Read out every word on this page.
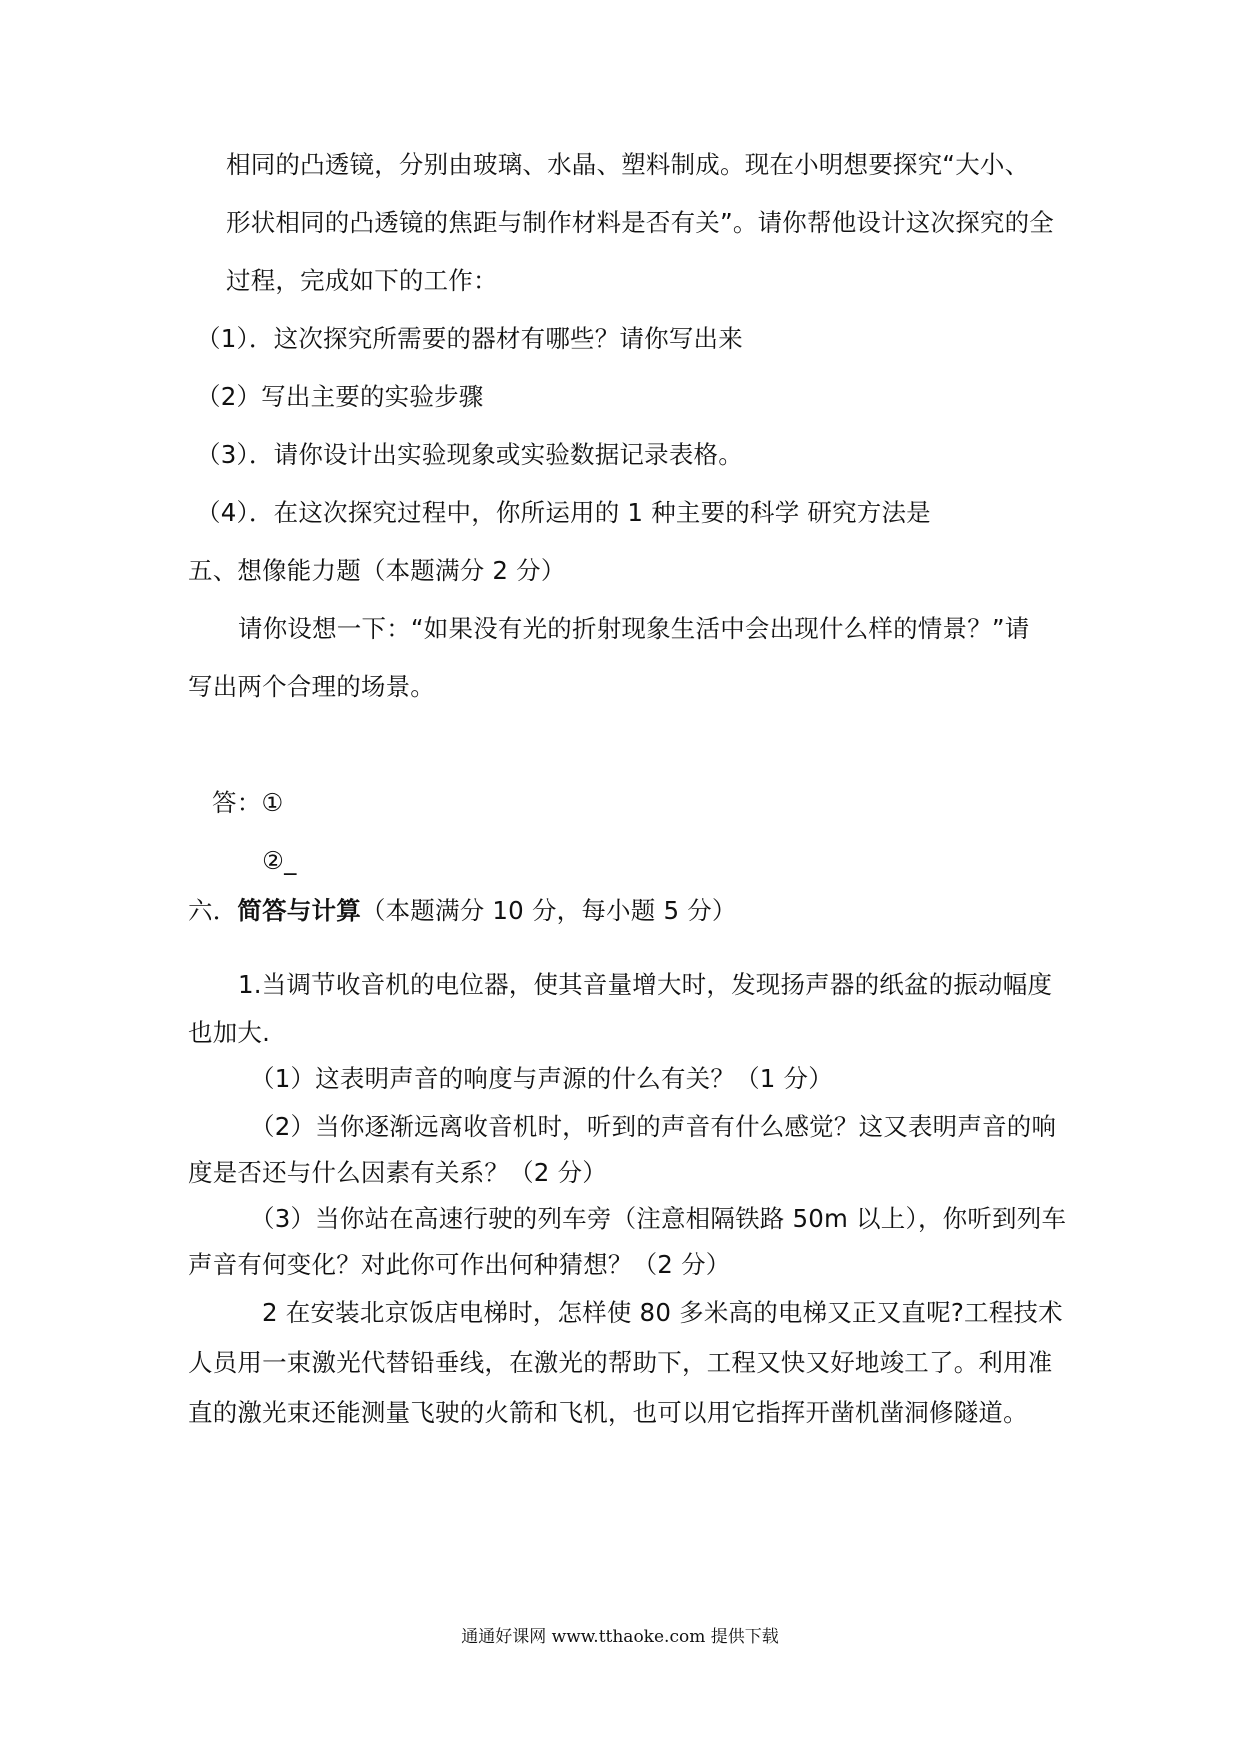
相同的凸透镜，分别由玻璃、水晶、塑料制成。现在小明想要探究“大小、
形状相同的凸透镜的焦距与制作材料是否有关”。请你帮他设计这次探究的全
过程，完成如下的工作：
（1）．这次探究所需要的器材有哪些？请你写出来
（2）写出主要的实验步骤
（3）．请你设计出实验现象或实验数据记录表格。
（4）．在这次探究过程中，你所运用的 1 种主要的科学 研究方法是
五、想像能力题（本题满分 2 分）
请你设想一下：“如果没有光的折射现象生活中会出现什么样的情景？”请
写出两个合理的场景。
答：①
②_
六．简答与计算（本题满分 10 分，每小题 5 分）
1.当调节收音机的电位器，使其音量增大时，发现扬声器的纸盆的振动幅度
也加大.
（1）这表明声音的响度与声源的什么有关？（1 分）
（2）当你逐渐远离收音机时，听到的声音有什么感觉？这又表明声音的响
度是否还与什么因素有关系？（2 分）
（3）当你站在高速行驶的列车旁（注意相隔铁路 50m 以上），你听到列车
声音有何变化？对此你可作出何种猜想？（2 分）
2 在安装北京饭店电梯时，怎样使 80 多米高的电梯又正又直呢?工程技术
人员用一束激光代替铅垂线，在激光的帮助下，工程又快又好地竣工了。利用准
直的激光束还能测量飞驶的火箭和飞机，也可以用它指挥开凿机凿洞修隧道。
通通好课网 www.tthaoke.com 提供下载
